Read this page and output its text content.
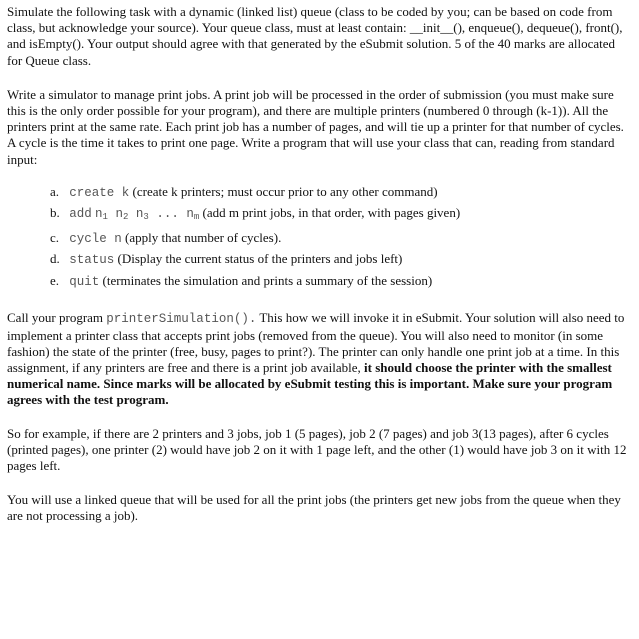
Simulate the following task with a dynamic (linked list) queue (class to be coded by you; can be based on code from class, but acknowledge your source). Your queue class, must at least contain: __init__(), enqueue(), dequeue(), front(), and isEmpty(). Your output should agree with that generated by the eSubmit solution. 5 of the 40 marks are allocated for Queue class.

Write a simulator to manage print jobs. A print job will be processed in the order of submission (you must make sure this is the only order possible for your program), and there are multiple printers (numbered 0 through (k-1)). All the printers print at the same rate. Each print job has a number of pages, and will tie up a printer for that number of cycles. A cycle is the time it takes to print one page. Write a program that will use your class that can, reading from standard input:

a. create k (create k printers; must occur prior to any other command)
b. add $n_1$ $n_2$ $n_3$ ... $n_m$ (add m print jobs, in that order, with pages given)
c. cycle n (apply that number of cycles).
d. status (Display the current status of the printers and jobs left)
e. quit (terminates the simulation and prints a summary of the session)

Call your program printerSimulation(). This how we will invoke it in eSubmit. Your solution will also need to implement a printer class that accepts print jobs (removed from the queue). You will also need to monitor (in some fashion) the state of the printer (free, busy, pages to print?). The printer can only handle one print job at a time. In this assignment, if any printers are free and there is a print job available, it should choose the printer with the smallest numerical name. Since marks will be allocated by eSubmit testing this is important. Make sure your program agrees with the test program.

So for example, if there are 2 printers and 3 jobs, job 1 (5 pages), job 2 (7 pages) and job 3(13 pages), after 6 cycles (printed pages), one printer (2) would have job 2 on it with 1 page left, and the other (1) would have job 3 on it with 12 pages left.

You will use a linked queue that will be used for all the print jobs (the printers get new jobs from the queue when they are not processing a job).
